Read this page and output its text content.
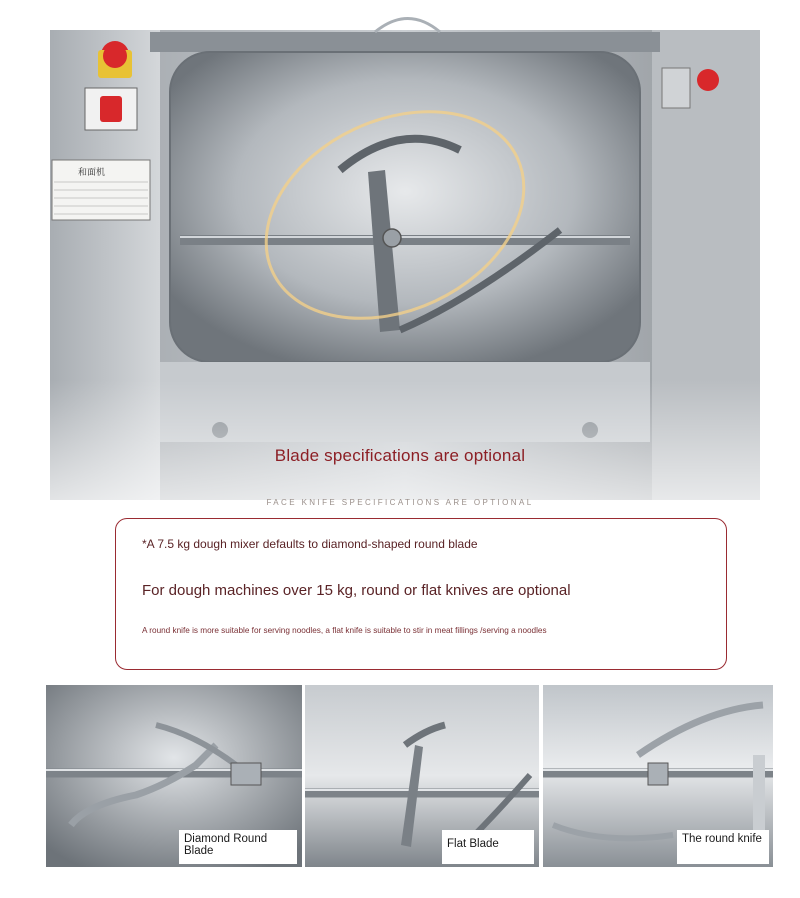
和面机
Blade specifications are optional
FACE KNIFE SPECIFICATIONS ARE OPTIONAL
*A 7.5 kg dough mixer defaults to diamond-shaped round blade
For dough machines over 15 kg, round or flat knives are optional
A round knife is more suitable for serving noodles, a flat knife is suitable to stir in meat fillings /serving a noodles
Diamond Round Blade
Flat Blade	The round knife
